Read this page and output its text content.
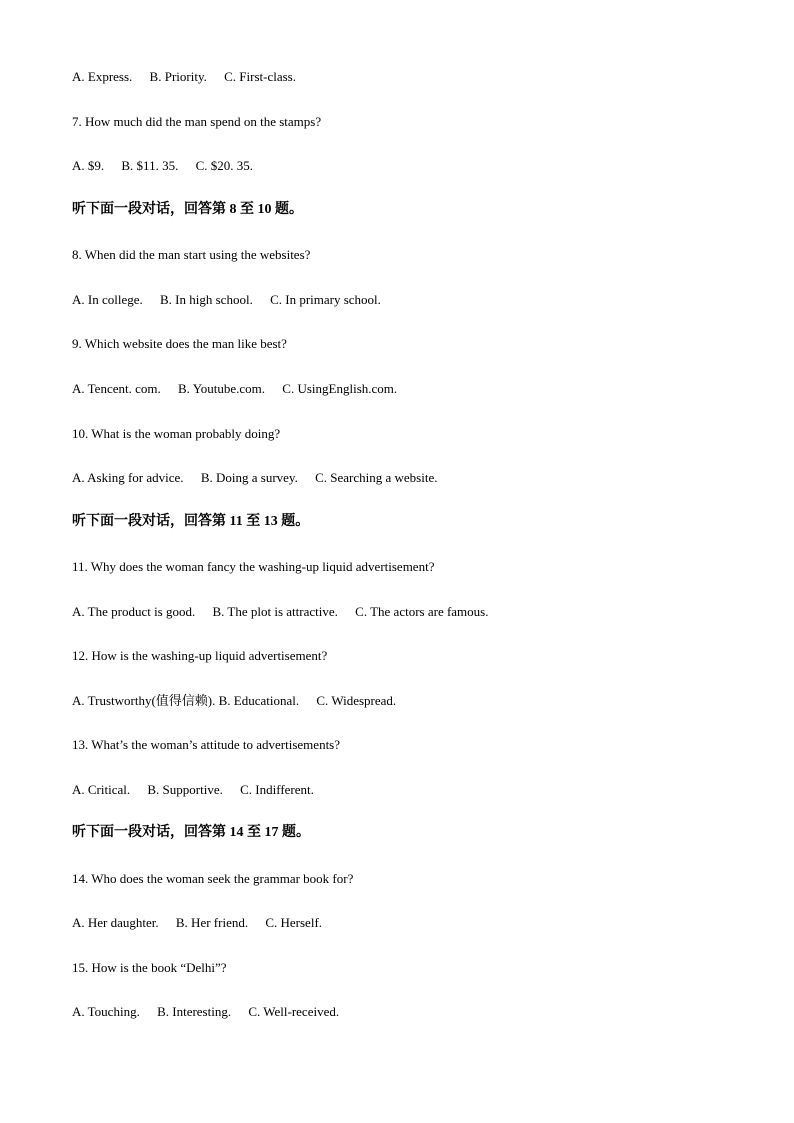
A. Express. B. Priority. C. First-class.
7. How much did the man spend on the stamps?
A. $9. B. $11. 35. C. $20. 35.
听下面一段对话，回答第 8 至 10 题。
8. When did the man start using the websites?
A. In college. B. In high school. C. In primary school.
9. Which website does the man like best?
A. Tencent. com. B. Youtube.com. C. UsingEnglish.com.
10. What is the woman probably doing?
A. Asking for advice. B. Doing a survey. C. Searching a website.
听下面一段对话，回答第 11 至 13 题。
11. Why does the woman fancy the washing-up liquid advertisement?
A. The product is good. B. The plot is attractive. C. The actors are famous.
12. How is the washing-up liquid advertisement?
A. Trustworthy(值得信赖). B. Educational. C. Widespread.
13. What’s the woman’s attitude to advertisements?
A. Critical. B. Supportive. C. Indifferent.
听下面一段对话，回答第 14 至 17 题。
14. Who does the woman seek the grammar book for?
A. Her daughter. B. Her friend. C. Herself.
15. How is the book “Delhi”?
A. Touching. B. Interesting. C. Well-received.
